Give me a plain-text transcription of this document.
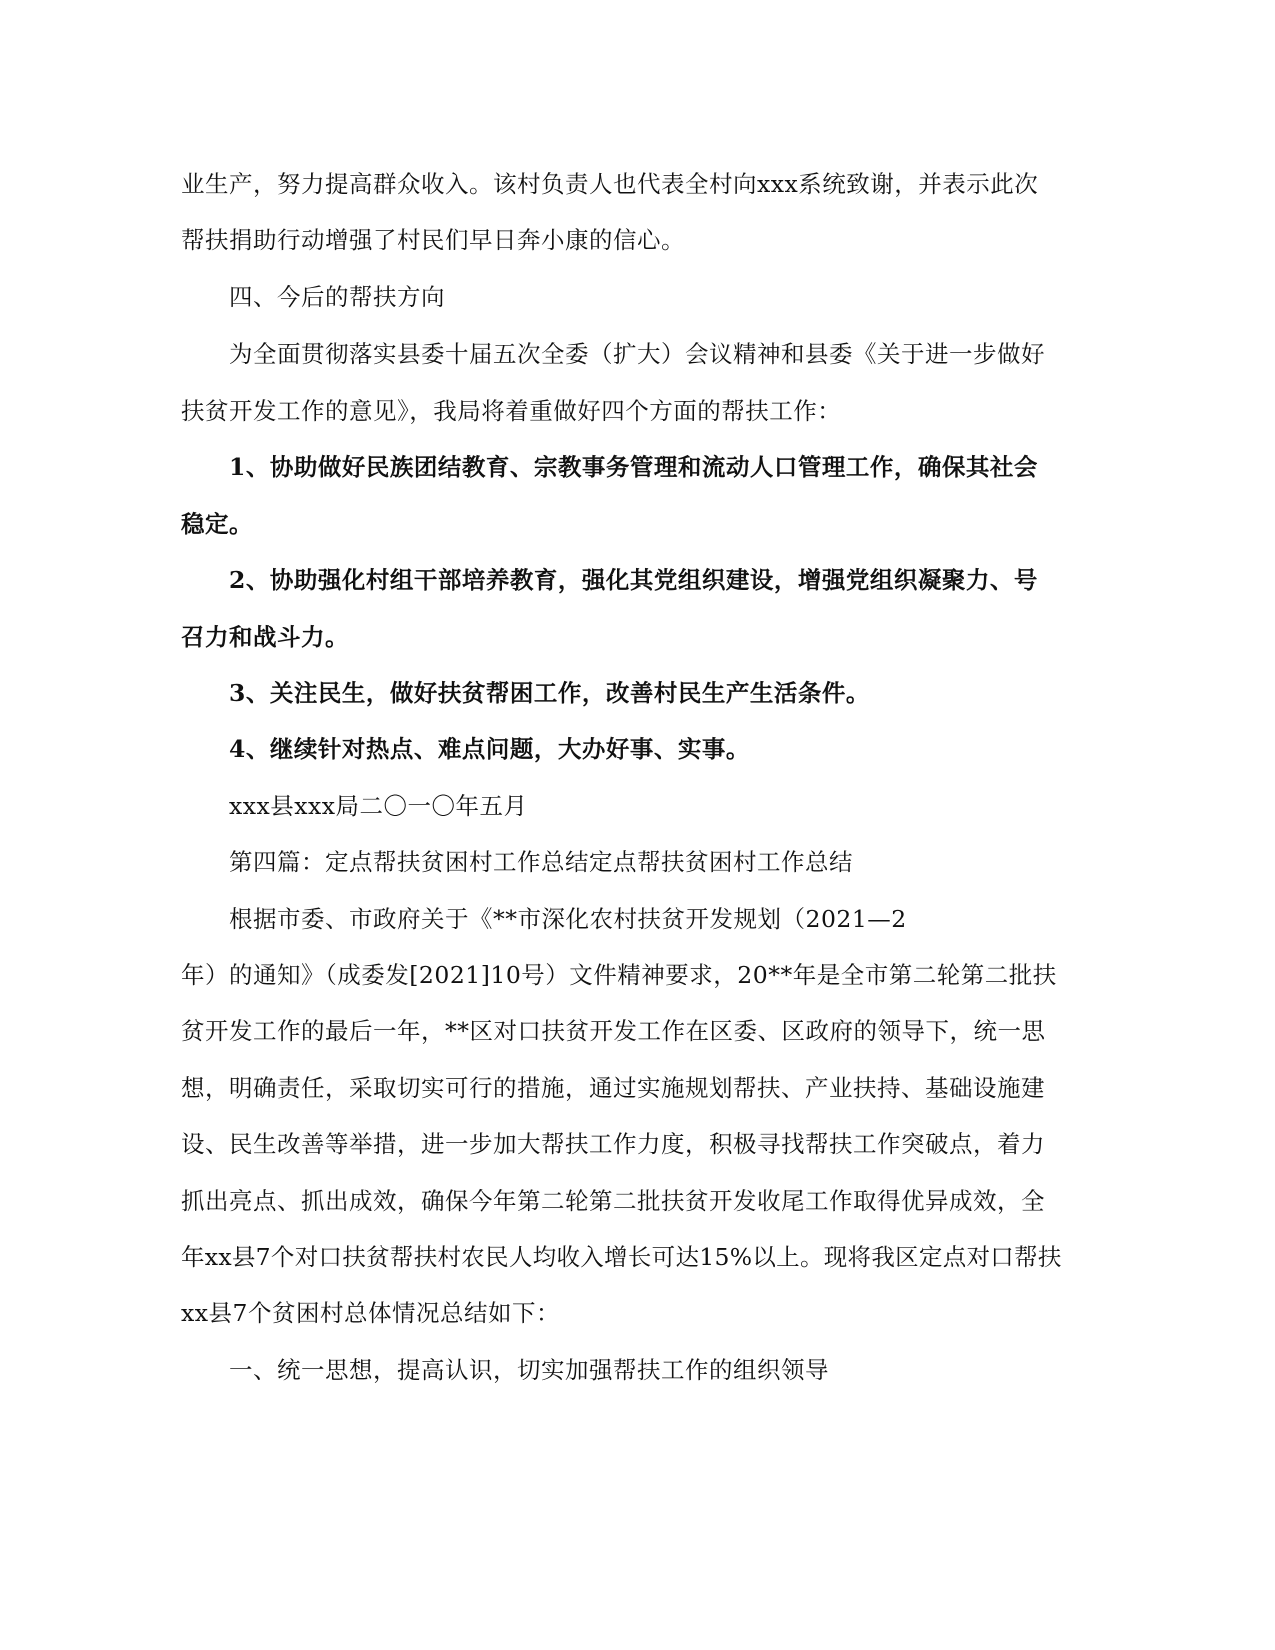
业生产，努力提高群众收入。该村负责人也代表全村向xxx系统致谢，并表示此次
帮扶捐助行动增强了村民们早日奔小康的信心。
四、今后的帮扶方向
为全面贯彻落实县委十届五次全委（扩大）会议精神和县委《关于进一步做好
扶贫开发工作的意见》，我局将着重做好四个方面的帮扶工作：
1、协助做好民族团结教育、宗教事务管理和流动人口管理工作，确保其社会
稳定。
2、协助强化村组干部培养教育，强化其党组织建设，增强党组织凝聚力、号
召力和战斗力。
3、关注民生，做好扶贫帮困工作，改善村民生产生活条件。
4、继续针对热点、难点问题，大办好事、实事。
xxx县xxx局二〇一〇年五月
第四篇：定点帮扶贫困村工作总结定点帮扶贫困村工作总结
根据市委、市政府关于《**市深化农村扶贫开发规划（2021—2
年）的通知》（成委发[2021]10号）文件精神要求，20**年是全市第二轮第二批扶
贫开发工作的最后一年，**区对口扶贫开发工作在区委、区政府的领导下，统一思
想，明确责任，采取切实可行的措施，通过实施规划帮扶、产业扶持、基础设施建
设、民生改善等举措，进一步加大帮扶工作力度，积极寻找帮扶工作突破点，着力
抓出亮点、抓出成效，确保今年第二轮第二批扶贫开发收尾工作取得优异成效，全
年xx县7个对口扶贫帮扶村农民人均收入增长可达15%以上。现将我区定点对口帮扶
xx县7个贫困村总体情况总结如下：
一、统一思想，提高认识，切实加强帮扶工作的组织领导
